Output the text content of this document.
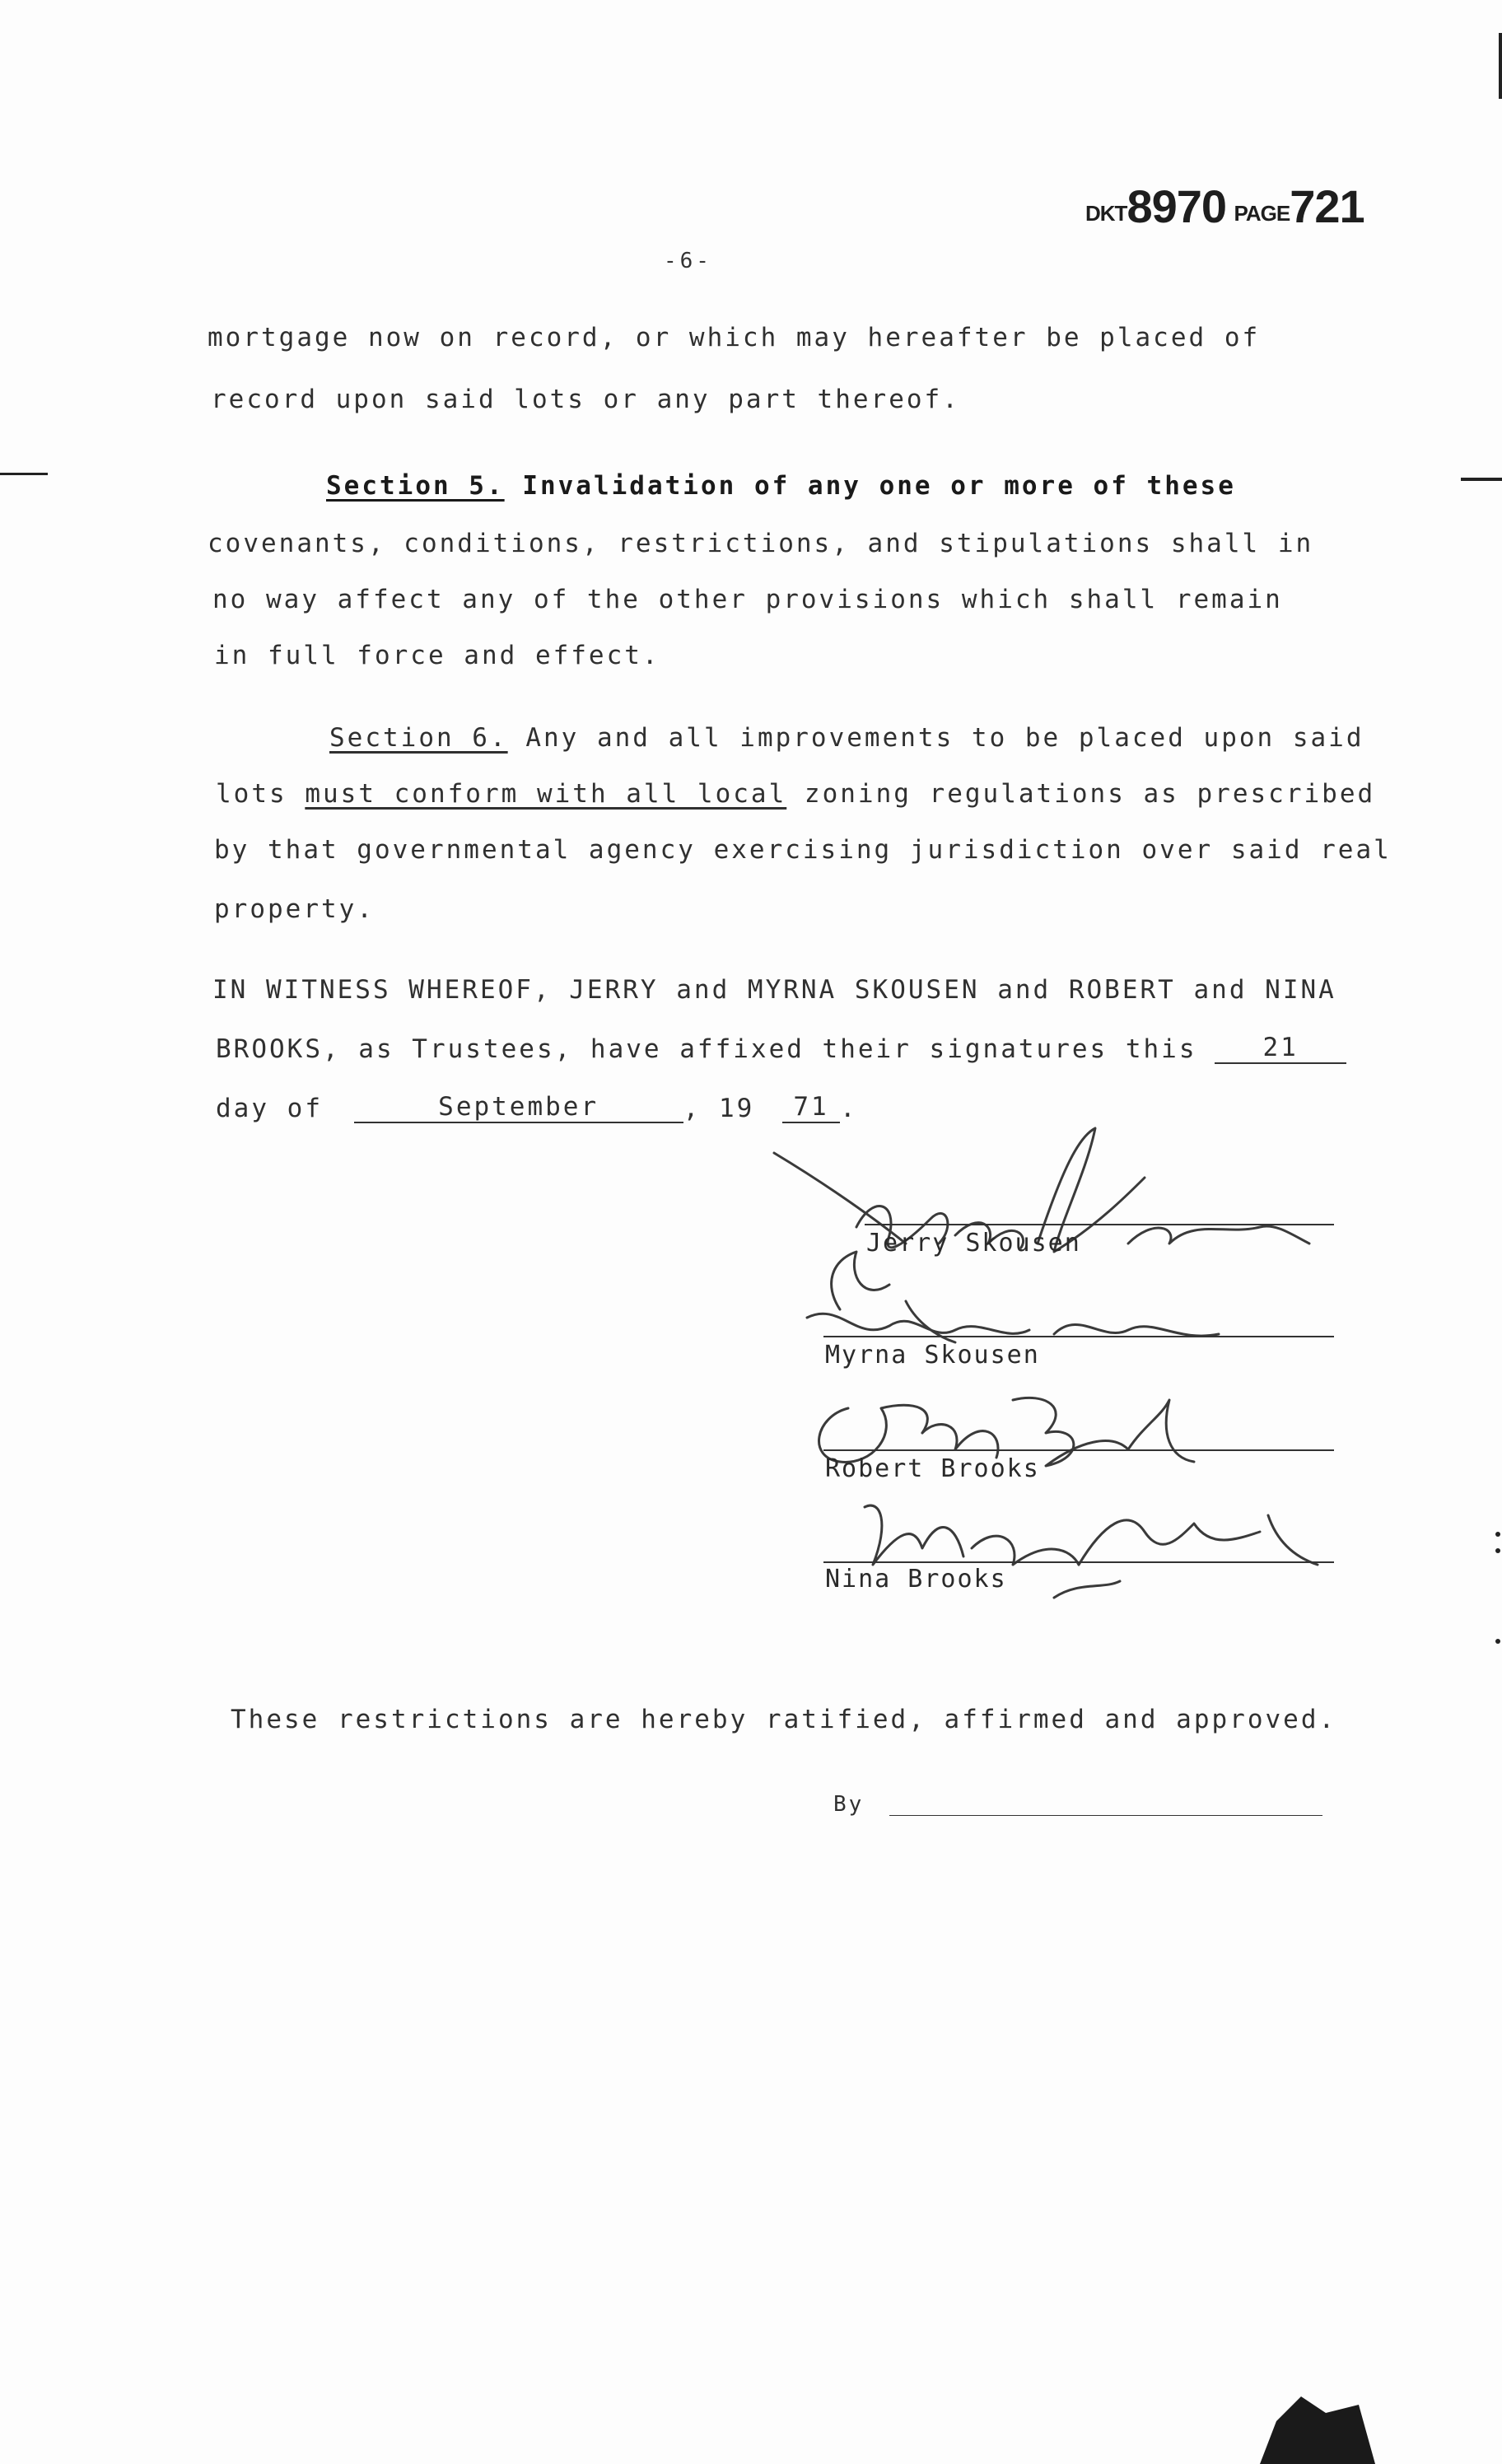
DKT8970 PAGE721
-6-
mortgage now on record, or which may hereafter be placed of
record upon said lots or any part thereof.
Section 5. Invalidation of any one or more of these
covenants, conditions, restrictions, and stipulations shall in
no way affect any of the other provisions which shall remain
in full force and effect.
Section 6. Any and all improvements to be placed upon said
lots must conform with all local zoning regulations as prescribed
by that governmental agency exercising jurisdiction over said real
property.
IN WITNESS WHEREOF, JERRY and MYRNA SKOUSEN and ROBERT and NINA
BROOKS, as Trustees, have affixed their signatures this	21
day of	September	, 19 71 .
Jerry Skousen
Myrna Skousen
Robert Brooks
Nina Brooks
These restrictions are hereby ratified, affirmed and approved.
By
